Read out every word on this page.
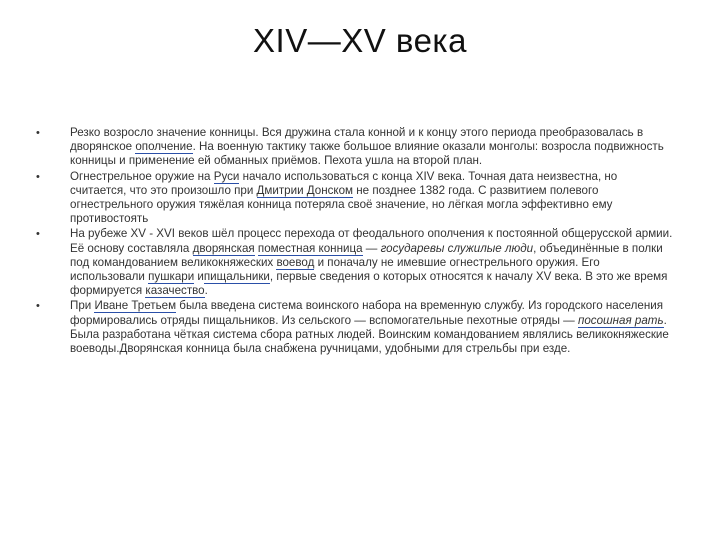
XIV—XV века
•	Резко возросло значение конницы. Вся дружина стала конной и к концу этого периода преобразовалась в дворянское ополчение. На военную тактику также большое влияние оказали монголы: возросла подвижность конницы и применение ей обманных приёмов. Пехота ушла на второй план.
•	Огнестрельное оружие на Руси начало использоваться с конца XIV века. Точная дата неизвестна, но считается, что это произошло при Дмитрии Донском не позднее 1382 года. С развитием полевого огнестрельного оружия тяжёлая конница потеряла своё значение, но лёгкая могла эффективно ему противостоять
•	На рубеже XV - XVI веков шёл процесс перехода от феодального ополчения к постоянной общерусской армии. Её основу составляла дворянская поместная конница — государевы служилые люди, объединённые в полки под командованием великокняжеских воевод и поначалу не имевшие огнестрельного оружия. Его использовали пушкари ипищальники, первые сведения о которых относятся к началу XV века. В это же время формируется казачество.
•	При Иване Третьем была введена система воинского набора на временную службу. Из городского населения формировались отряды пищальников. Из сельского — вспомогательные пехотные отряды — посошная рать. Была разработана чёткая система сбора ратных людей. Воинским командованием являлись великокняжеские воеводы.Дворянская конница была снабжена ручницами, удобными для стрельбы при езде.
